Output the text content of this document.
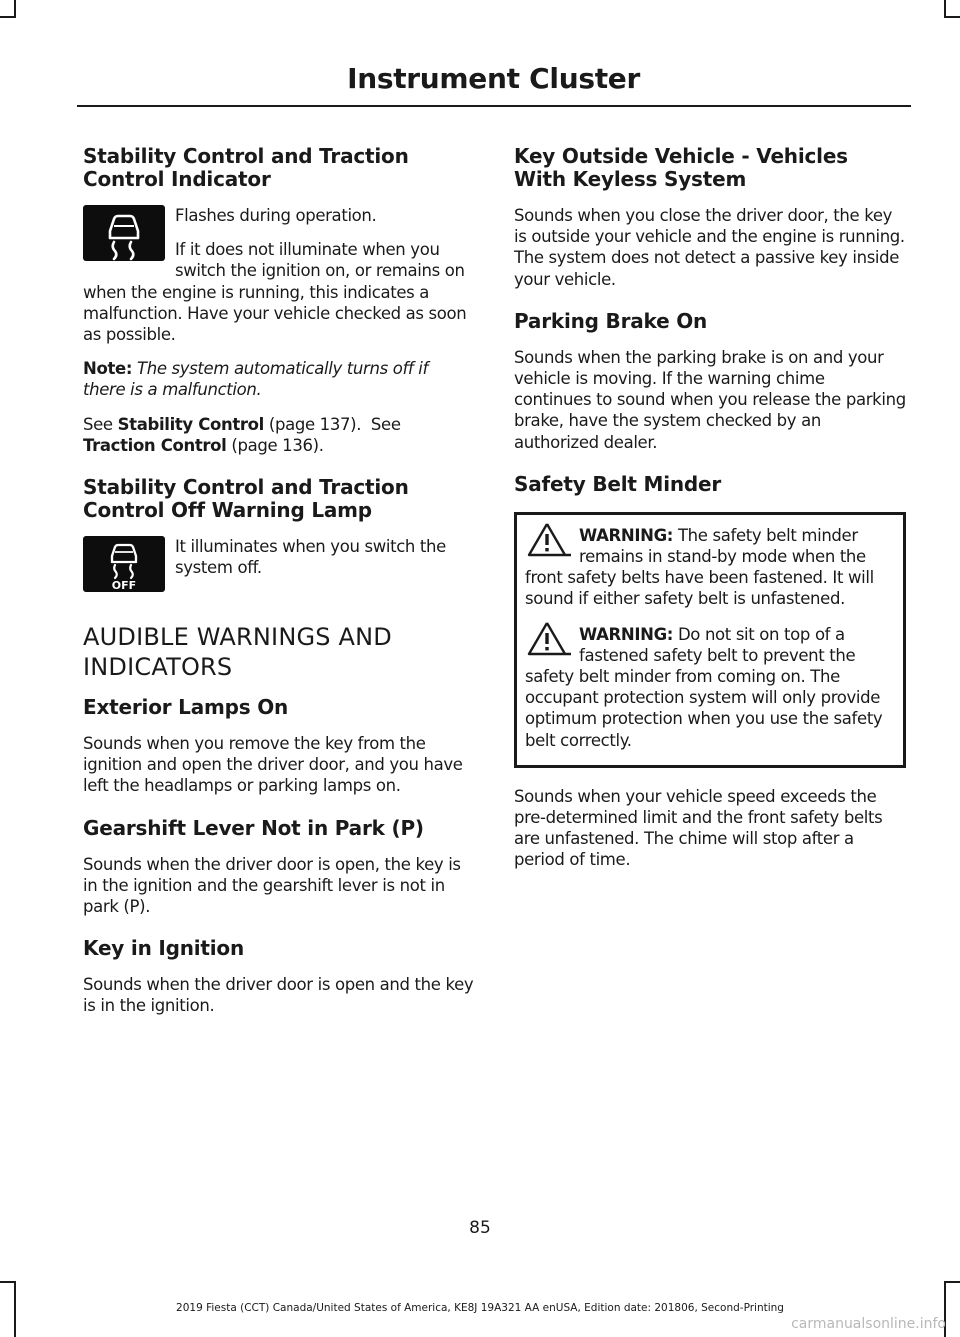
Instrument Cluster
Stability Control and Traction Control Indicator

Flashes during operation.

If it does not illuminate when you switch the ignition on, or remains on when the engine is running, this indicates a malfunction. Have your vehicle checked as soon as possible.

Note: The system automatically turns off if there is a malfunction.

See Stability Control (page 137). See Traction Control (page 136).

Stability Control and Traction Control Off Warning Lamp
OFF

It illuminates when you switch the system off.

AUDIBLE WARNINGS AND INDICATORS
Exterior Lamps On

Sounds when you remove the key from the ignition and open the driver door, and you have left the headlamps or parking lamps on.

Gearshift Lever Not in Park (P)

Sounds when the driver door is open, the key is in the ignition and the gearshift lever is not in park (P).

Key in Ignition

Sounds when the driver door is open and the key is in the ignition.

Key Outside Vehicle - Vehicles With Keyless System

Sounds when you close the driver door, the key is outside your vehicle and the engine is running. The system does not detect a passive key inside your vehicle.

Parking Brake On

Sounds when the parking brake is on and your vehicle is moving. If the warning chime continues to sound when you release the parking brake, have the system checked by an authorized dealer.

Safety Belt Minder

WARNING: The safety belt minder remains in stand-by mode when the front safety belts have been fastened. It will sound if either safety belt is unfastened.

WARNING: Do not sit on top of a fastened safety belt to prevent the safety belt minder from coming on. The occupant protection system will only provide optimum protection when you use the safety belt correctly.

Sounds when your vehicle speed exceeds the pre-determined limit and the front safety belts are unfastened. The chime will stop after a period of time.

85
2019 Fiesta (CCT) Canada/United States of America, KE8J 19A321 AA enUSA, Edition date: 201806, Second-Printing
carmanualsonline.info
